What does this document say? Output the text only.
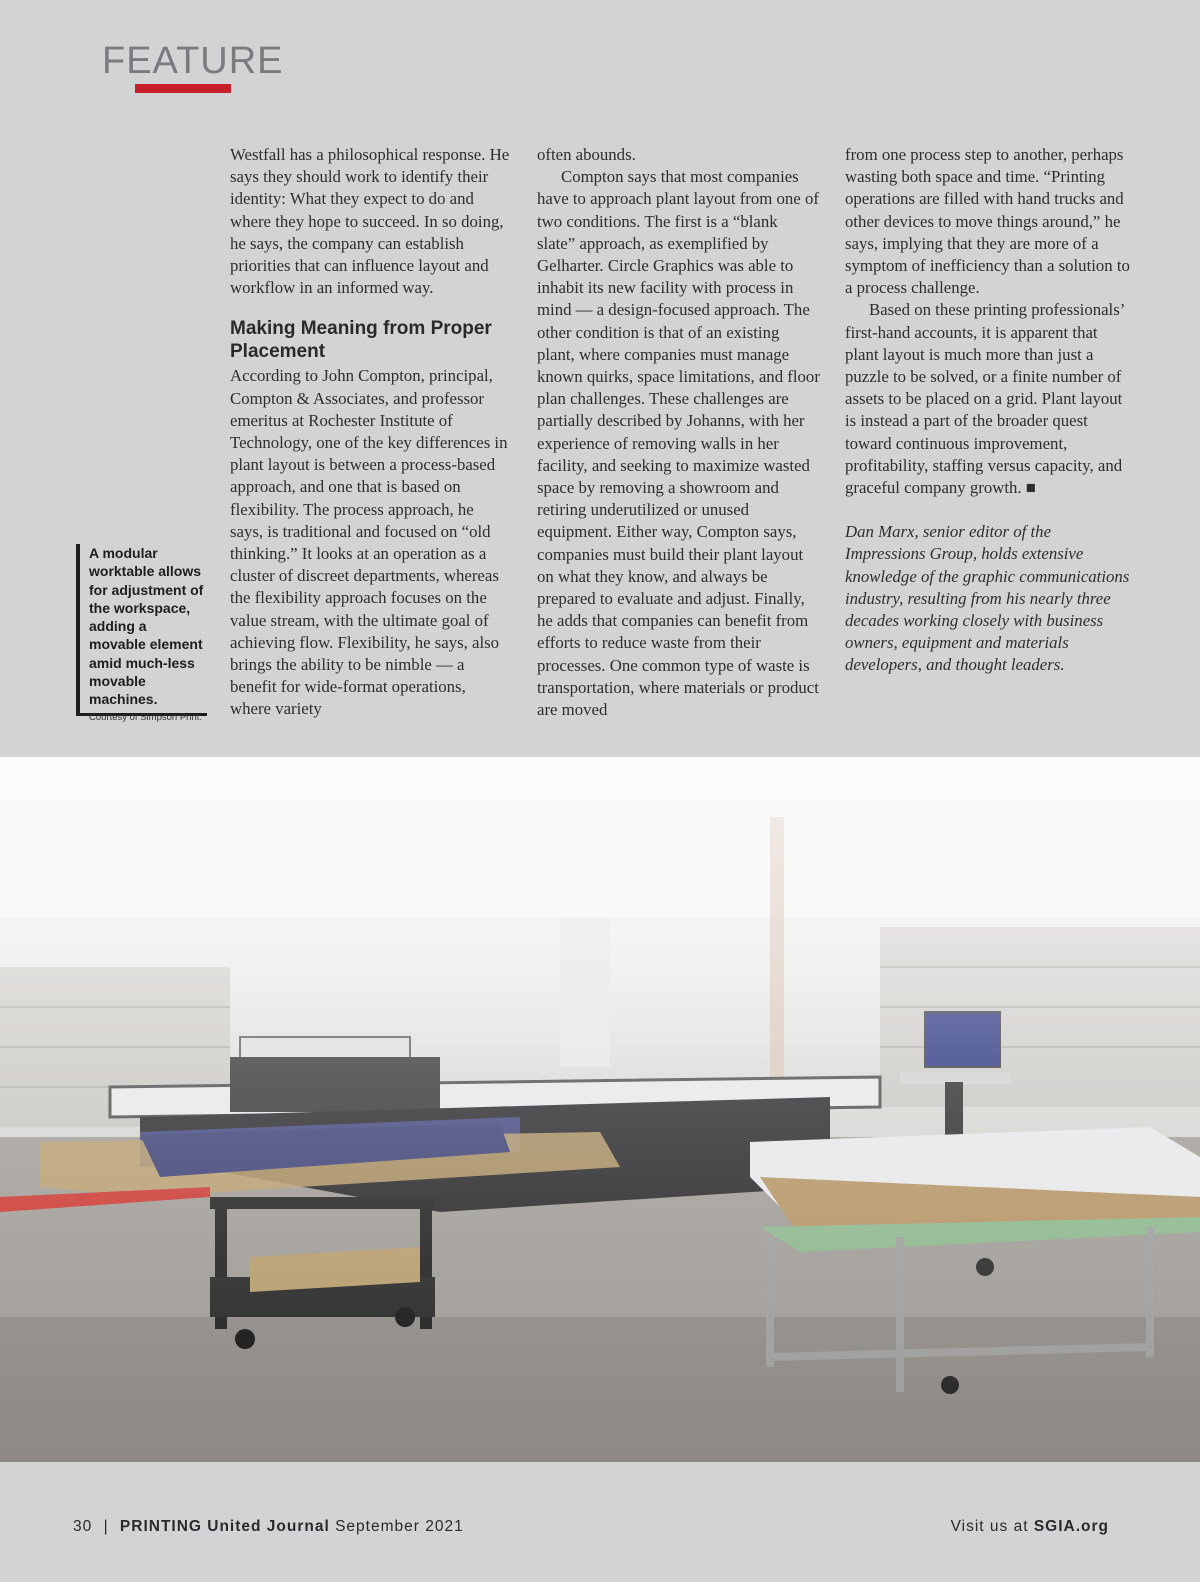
FEATURE

Westfall has a philosophical response. He says they should work to identify their identity: What they expect to do and where they hope to succeed. In so doing, he says, the company can establish priorities that can influence layout and workflow in an informed way.

Making Meaning from Proper Placement

According to John Compton, principal, Compton & Associates, and professor emeritus at Rochester Institute of Technology, one of the key differences in plant layout is between a process-based approach, and one that is based on flexibility. The process approach, he says, is traditional and focused on “old thinking.” It looks at an operation as a cluster of discreet departments, whereas the flexibility approach focuses on the value stream, with the ultimate goal of achieving flow. Flexibility, he says, also brings the ability to be nimble — a benefit for wide-format operations, where variety

often abounds.

Compton says that most companies have to approach plant layout from one of two conditions. The first is a “blank slate” approach, as exemplified by Gelharter. Circle Graphics was able to inhabit its new facility with process in mind — a design-focused approach. The other condition is that of an existing plant, where companies must manage known quirks, space limitations, and floor plan challenges. These challenges are partially described by Johanns, with her experience of removing walls in her facility, and seeking to maximize wasted space by removing a showroom and retiring underutilized or unused equipment. Either way, Compton says, companies must build their plant layout on what they know, and always be prepared to evaluate and adjust. Finally, he adds that companies can benefit from efforts to reduce waste from their processes. One common type of waste is transportation, where materials or product are moved

from one process step to another, perhaps wasting both space and time. “Printing operations are filled with hand trucks and other devices to move things around,” he says, implying that they are more of a symptom of inefficiency than a solution to a process challenge.

Based on these printing professionals’ first-hand accounts, it is apparent that plant layout is much more than just a puzzle to be solved, or a finite number of assets to be placed on a grid. Plant layout is instead a part of the broader quest toward continuous improvement, profitability, staffing versus capacity, and graceful company growth. ■

Dan Marx, senior editor of the Impressions Group, holds extensive knowledge of the graphic communications industry, resulting from his nearly three decades working closely with business owners, equipment and materials developers, and thought leaders.

A modular worktable allows for adjustment of the workspace, adding a movable element amid much-less movable machines.
Courtesy of Simpson Print.
30 | PRINTING United Journal September 2021	Visit us at SGIA.org
